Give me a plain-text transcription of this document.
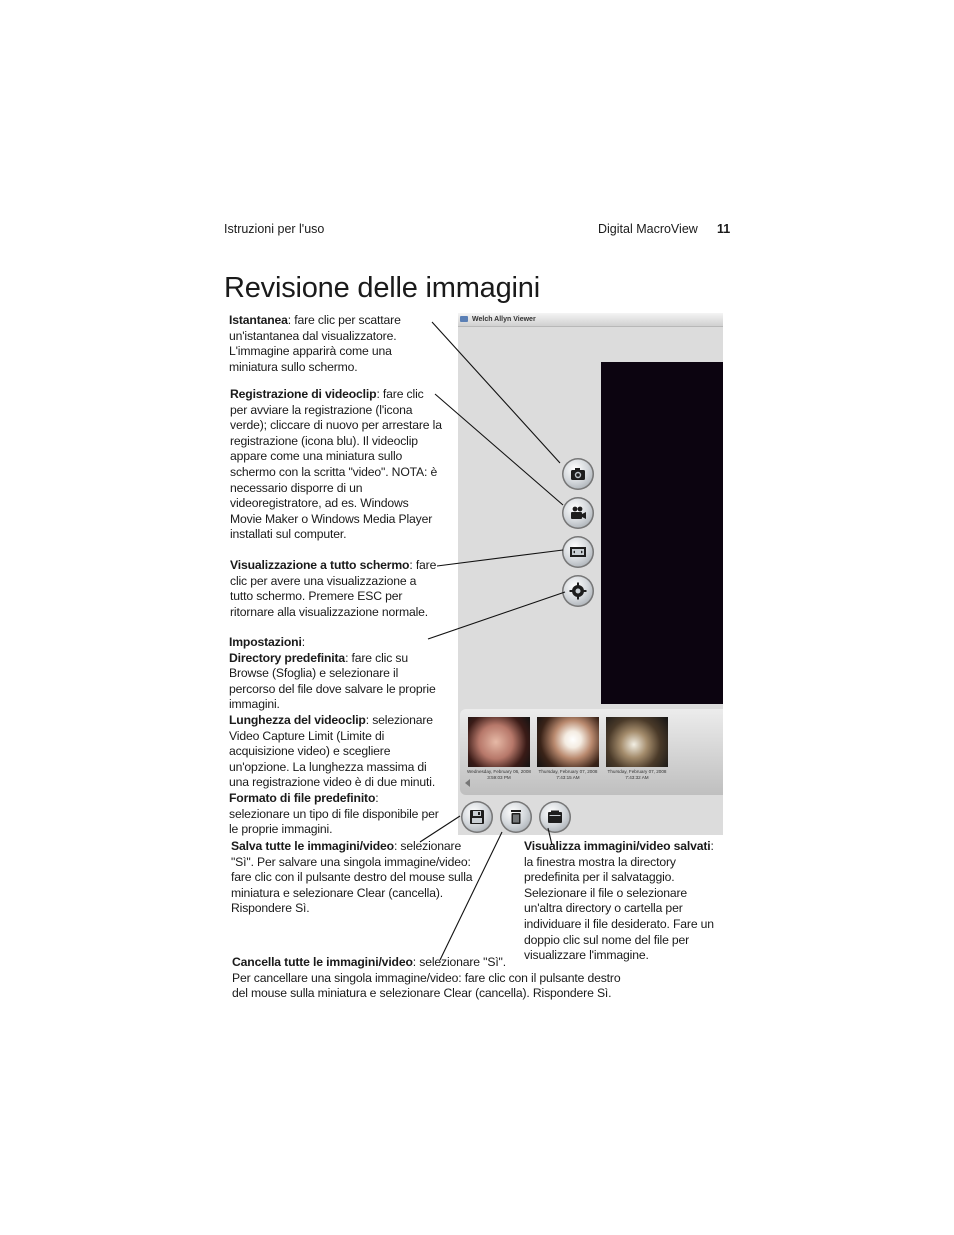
Istruzioni per l'uso	Digital MacroView 11
Revisione delle immagini
Istantanea: fare clic per scattare un'istantanea dal visualizzatore. L'immagine apparirà come una miniatura sullo schermo.
Registrazione di videoclip: fare clic per avviare la registrazione (l'icona verde); cliccare di nuovo per arrestare la registrazione (icona blu). Il videoclip appare come una miniatura sullo schermo con la scritta "video". NOTA: è necessario disporre di un videoregistratore, ad es. Windows Movie Maker o Windows Media Player installati sul computer.
Visualizzazione a tutto schermo: fare clic per avere una visualizzazione a tutto schermo. Premere ESC per ritornare alla visualizzazione normale.

Impostazioni:

Directory predefinita: fare clic su Browse (Sfoglia) e selezionare il percorso del file dove salvare le proprie immagini.

Lunghezza del videoclip: selezionare Video Capture Limit (Limite di acquisizione video) e scegliere un'opzione. La lunghezza massima di una registrazione video è di due minuti.

Formato di file predefinito: selezionare un tipo di file disponibile per le proprie immagini.

Salva tutte le immagini/video: selezionare "Sì". Per salvare una singola immagine/video: fare clic con il pulsante destro del mouse sulla miniatura e selezionare Clear (cancella). Rispondere Sì.
Visualizza immagini/video salvati: la finestra mostra la directory predefinita per il salvataggio. Selezionare il file o selezionare un'altra directory o cartella per individuare il file desiderato. Fare un doppio clic sul nome del file per visualizzare l'immagine.

Cancella tutte le immagini/video: selezionare "Sì".

Per cancellare una singola immagine/video: fare clic con il pulsante destro del mouse sulla miniatura e selezionare Clear (cancella). Rispondere Sì.

Welch Allyn Viewer
Wednesday, February 06, 2008
3:59:03 PM
Thursday, February 07, 2008
7:43:15 AM
Thursday, February 07, 2008
7:43:32 AM
